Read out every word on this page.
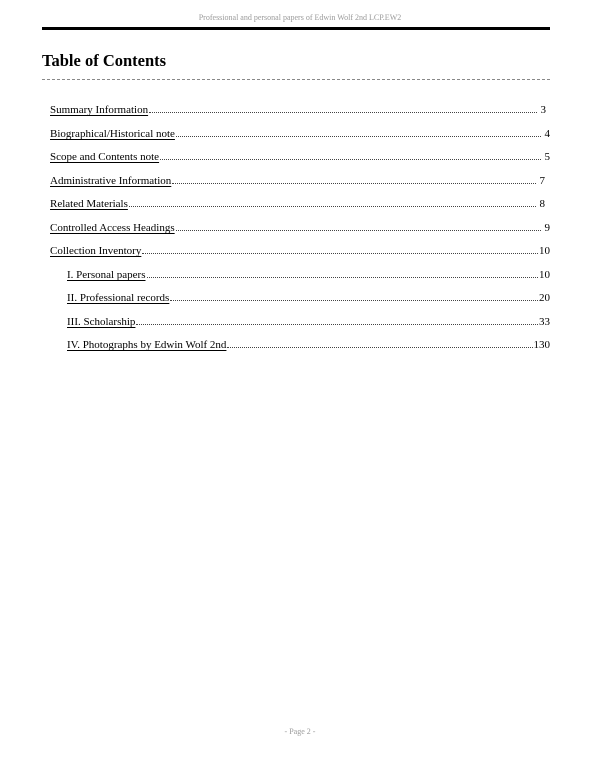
Professional and personal papers of Edwin Wolf 2nd LCP.EW2
Table of Contents
Summary Information	3
Biographical/Historical note	4
Scope and Contents note	5
Administrative Information	7
Related Materials	8
Controlled Access Headings	9
Collection Inventory	10
I. Personal papers	10
II. Professional records	20
III. Scholarship	33
IV. Photographs by Edwin Wolf 2nd	130
- Page 2 -
